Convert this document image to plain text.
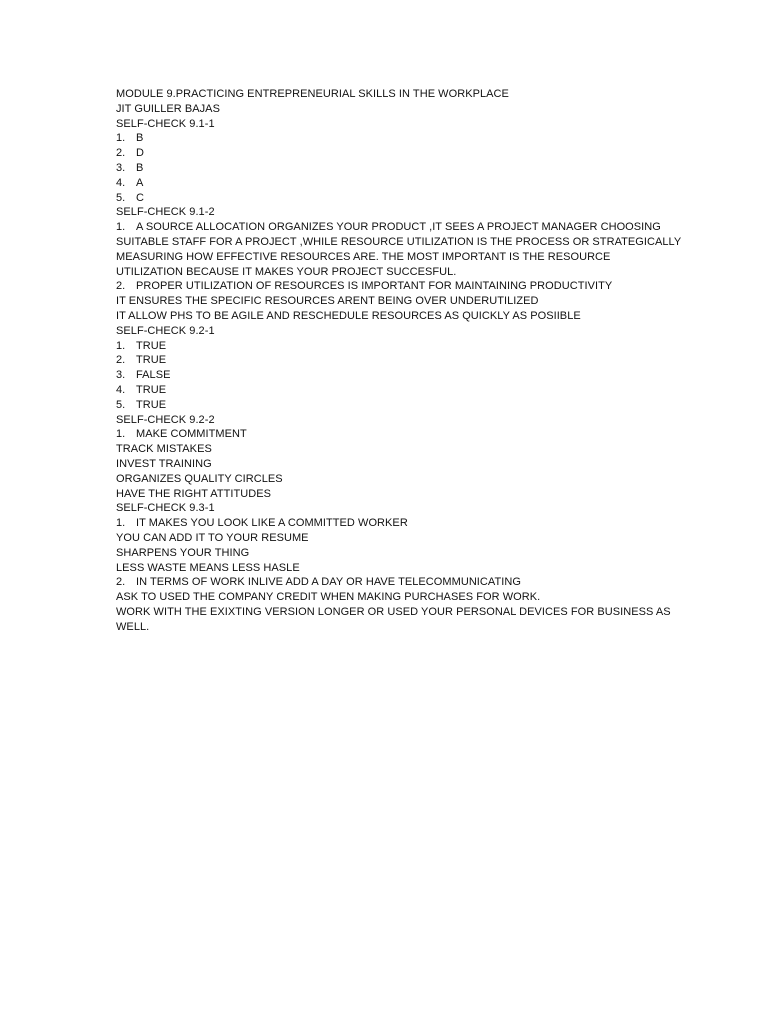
MODULE 9.PRACTICING ENTREPRENEURIAL SKILLS IN THE WORKPLACE
JIT GUILLER BAJAS
SELF-CHECK 9.1-1
1. B
2. D
3. B
4. A
5. C
SELF-CHECK 9.1-2
1. A SOURCE ALLOCATION ORGANIZES YOUR PRODUCT ,IT SEES A PROJECT MANAGER CHOOSING
SUITABLE STAFF FOR A PROJECT ,WHILE RESOURCE UTILIZATION IS THE PROCESS OR STRATEGICALLY
MEASURING HOW EFFECTIVE RESOURCES ARE. THE MOST IMPORTANT IS THE RESOURCE
UTILIZATION BECAUSE IT MAKES YOUR PROJECT SUCCESFUL.
2. PROPER UTILIZATION OF RESOURCES IS IMPORTANT FOR MAINTAINING PRODUCTIVITY
IT ENSURES THE SPECIFIC RESOURCES ARENT BEING OVER UNDERUTILIZED
IT ALLOW PHS TO BE AGILE AND RESCHEDULE RESOURCES AS QUICKLY AS POSIIBLE
SELF-CHECK 9.2-1
1. TRUE
2. TRUE
3. FALSE
4. TRUE
5. TRUE
SELF-CHECK 9.2-2
1. MAKE COMMITMENT
TRACK MISTAKES
INVEST TRAINING
ORGANIZES QUALITY CIRCLES
HAVE THE RIGHT ATTITUDES
SELF-CHECK 9.3-1
1. IT MAKES YOU LOOK LIKE A COMMITTED WORKER
YOU CAN ADD IT TO YOUR RESUME
SHARPENS YOUR THING
LESS WASTE MEANS LESS HASLE
2. IN TERMS OF WORK INLIVE ADD A DAY OR HAVE TELECOMMUNICATING
ASK TO USED THE COMPANY CREDIT WHEN MAKING PURCHASES FOR WORK.
WORK WITH THE EXIXTING VERSION LONGER OR USED YOUR PERSONAL DEVICES FOR BUSINESS AS
WELL.
